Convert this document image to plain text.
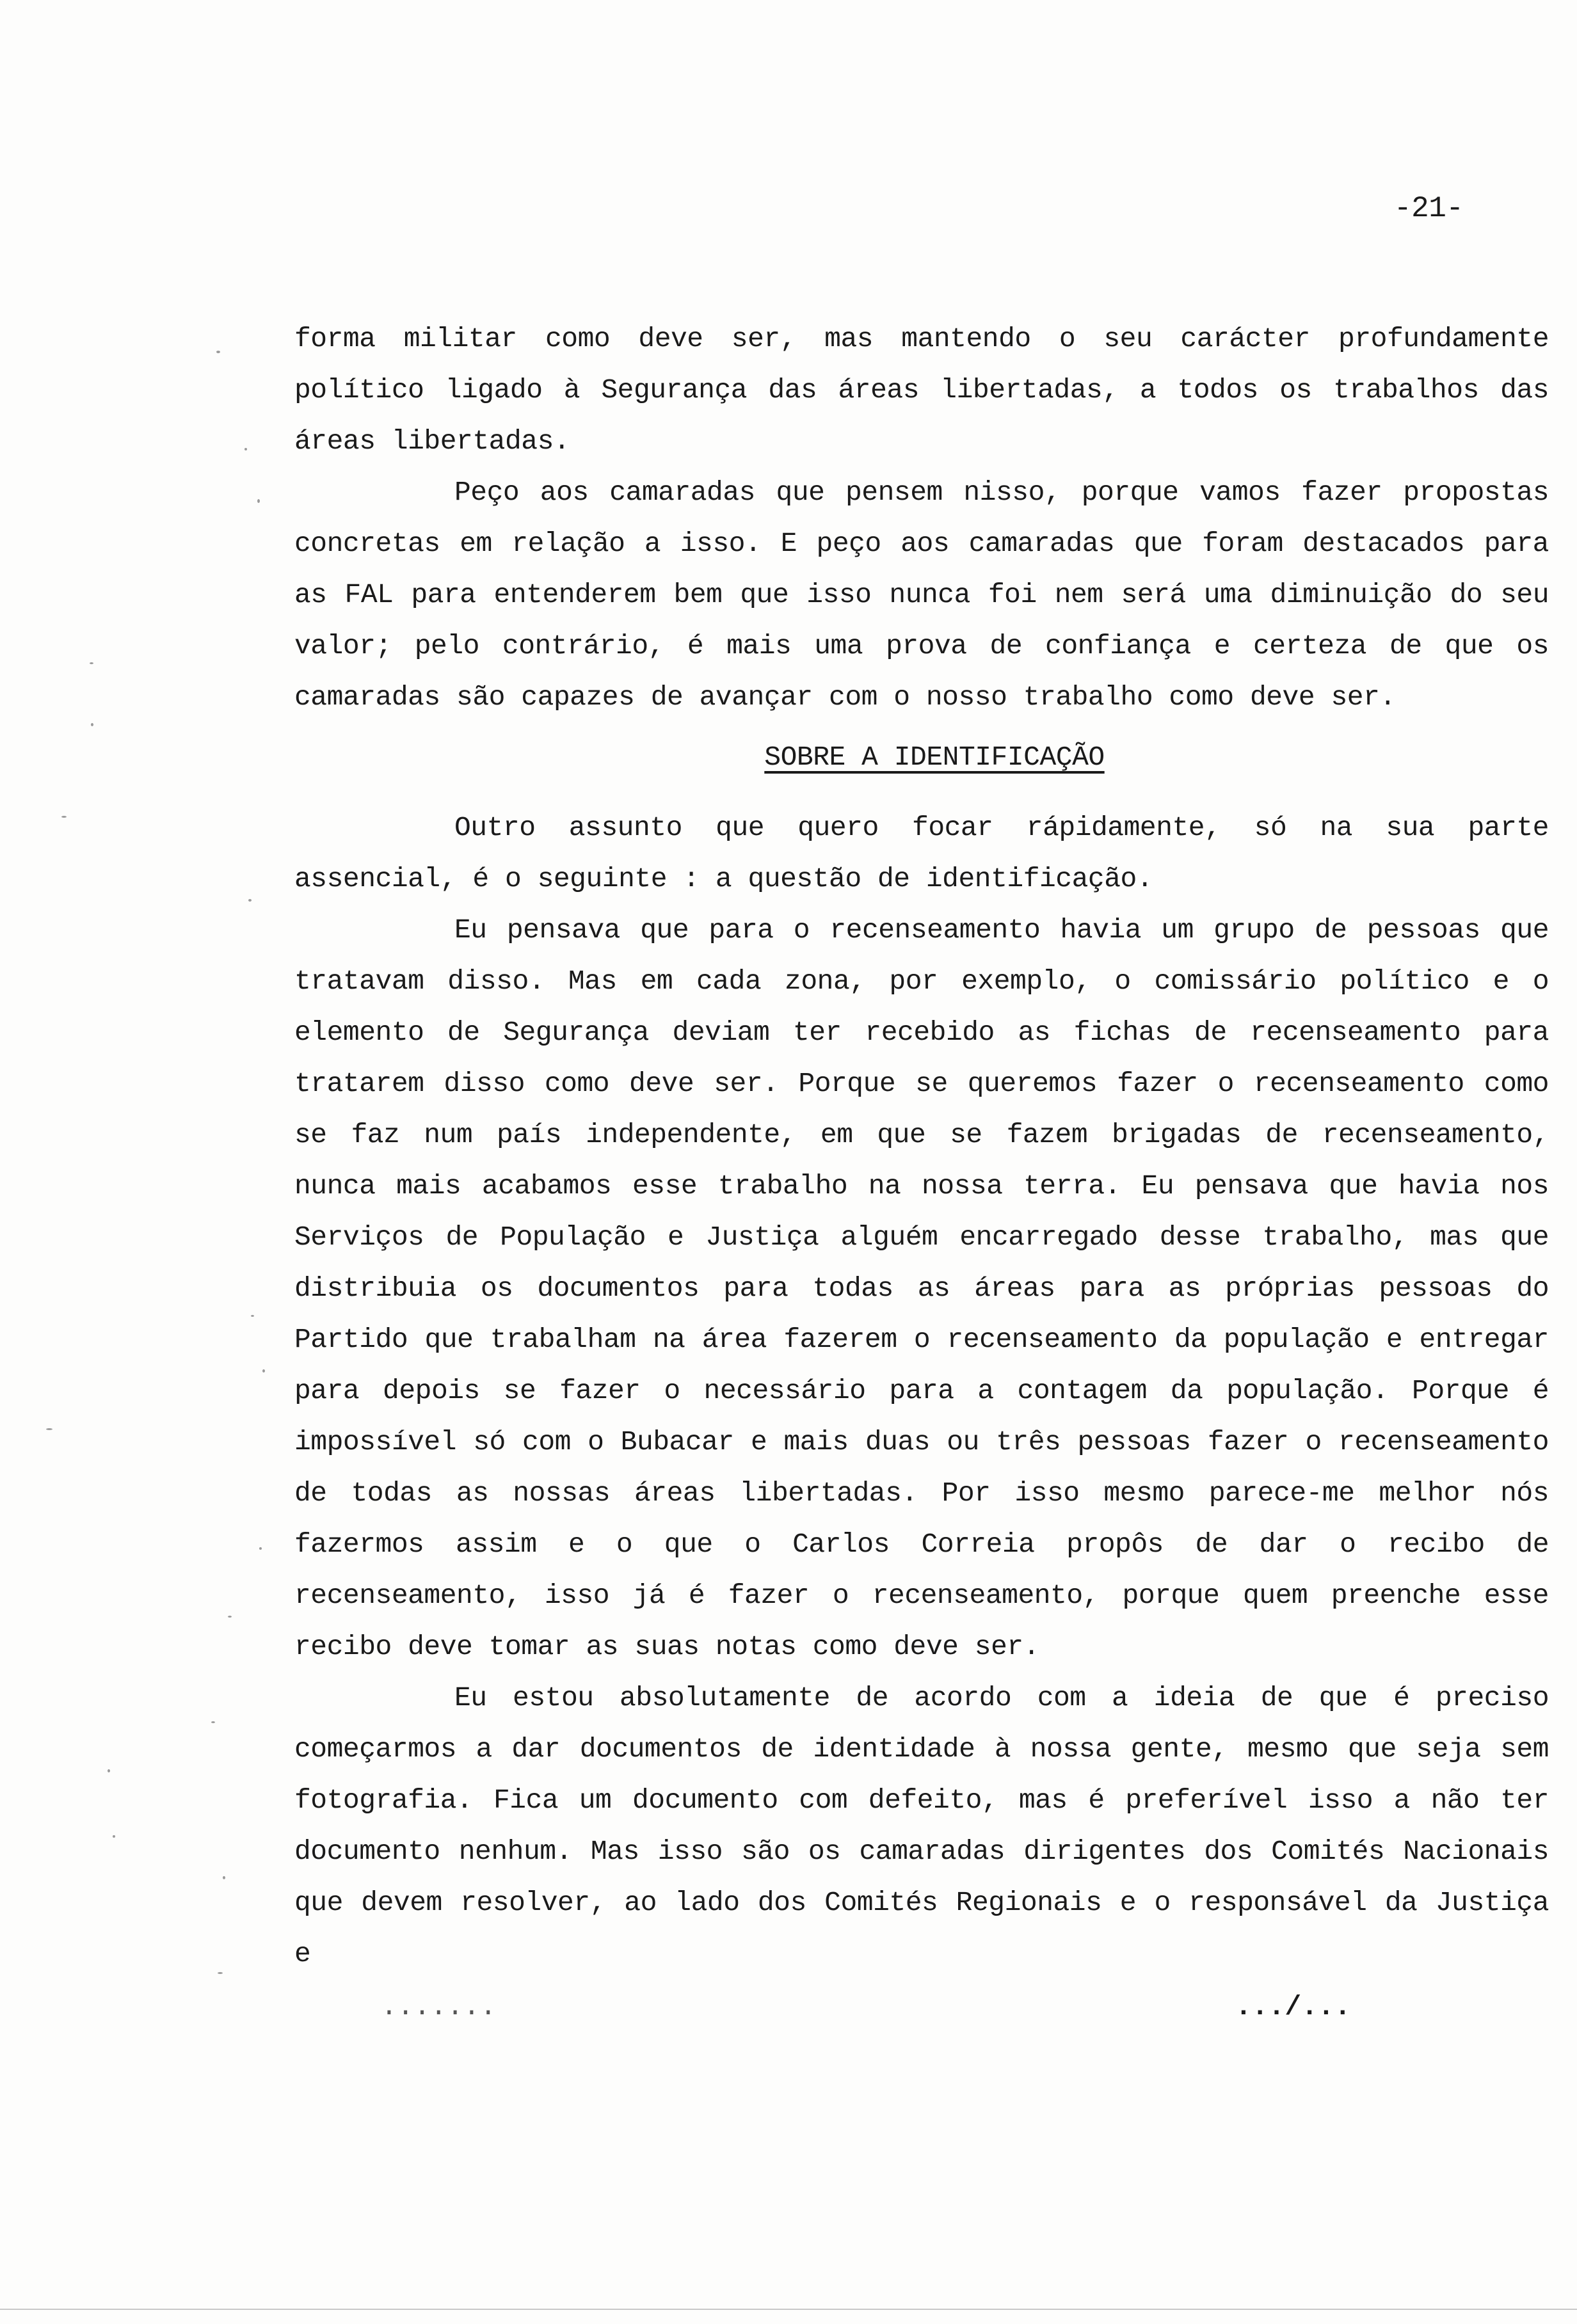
-21-

forma militar como deve ser, mas mantendo o seu carácter profundamente político ligado à Segurança das áreas libertadas, a todos os trabalhos das áreas libertadas.

Peço aos camaradas que pensem nisso, porque vamos fazer propostas concretas em relação a isso. E peço aos camaradas que foram destacados para as FAL para entenderem bem que isso nunca foi nem será uma diminuição do seu valor; pelo contrário, é mais uma prova de confiança e certeza de que os camaradas são capazes de avançar com o nosso trabalho como deve ser.

SOBRE A IDENTIFICAÇÃO

Outro assunto que quero focar rápidamente, só na sua parte assencial, é o seguinte : a questão de identificação.

Eu pensava que para o recenseamento havia um grupo de pessoas que tratavam disso. Mas em cada zona, por exemplo, o comissário político e o elemento de Segurança deviam ter recebido as fichas de recenseamento para tratarem disso como deve ser. Porque se queremos fazer o recenseamento como se faz num país independente, em que se fazem brigadas de recenseamento, nunca mais acabamos esse trabalho na nossa terra. Eu pensava que havia nos Serviços de População e Justiça alguém encarregado desse trabalho, mas que distribuia os documentos para todas as áreas para as próprias pessoas do Partido que trabalham na área fazerem o recenseamento da população e entregar para depois se fazer o necessário para a contagem da população. Porque é impossível só com o Bubacar e mais duas ou três pessoas fazer o recenseamento de todas as nossas áreas libertadas. Por isso mesmo parece-me melhor nós fazermos assim e o que o Carlos Correia propôs de dar o recibo de recenseamento, isso já é fazer o recenseamento, porque quem preenche esse recibo deve tomar as suas notas como deve ser.

Eu estou absolutamente de acordo com a ideia de que é preciso começarmos a dar documentos de identidade à nossa gente, mesmo que seja sem fotografia. Fica um documento com defeito, mas é preferível isso a não ter documento nenhum. Mas isso são os camaradas dirigentes dos Comités Nacionais que devem resolver, ao lado dos Comités Regionais e o responsável da Justiça e

.......	.../...
